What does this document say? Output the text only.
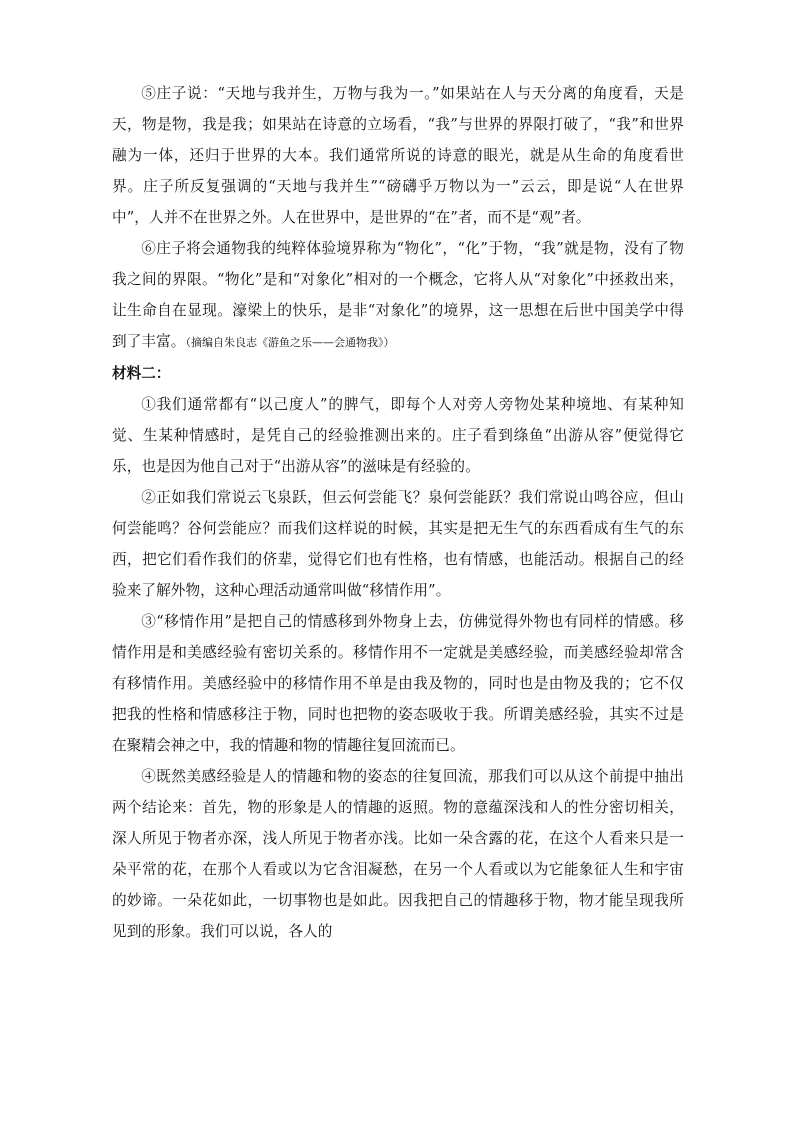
⑤庄子说：“天地与我并生，万物与我为一。”如果站在人与天分离的角度看，天是天，物是物，我是我；如果站在诗意的立场看，“我”与世界的界限打破了，“我”和世界融为一体，还归于世界的大本。我们通常所说的诗意的眼光，就是从生命的角度看世界。庄子所反复强调的“天地与我并生”“磅礴乎万物以为一”云云，即是说“人在世界中”，人并不在世界之外。人在世界中，是世界的“在”者，而不是“观”者。

⑥庄子将会通物我的纯粹体验境界称为“物化”，“化”于物，“我”就是物，没有了物我之间的界限。“物化”是和“对象化”相对的一个概念，它将人从“对象化”中拯救出来，让生命自在显现。濠梁上的快乐，是非“对象化”的境界，这一思想在后世中国美学中得到了丰富。（摘编自朱良志《游鱼之乐——会通物我》）

材料二：

①我们通常都有“以己度人”的脾气，即每个人对旁人旁物处某种境地、有某种知觉、生某种情感时，是凭自己的经验推测出来的。庄子看到绦鱼“出游从容”便觉得它乐，也是因为他自己对于“出游从容”的滋味是有经验的。

②正如我们常说云飞泉跃，但云何尝能飞？泉何尝能跃？我们常说山鸣谷应，但山何尝能鸣？谷何尝能应？而我们这样说的时候，其实是把无生气的东西看成有生气的东西，把它们看作我们的侪辈，觉得它们也有性格，也有情感，也能活动。根据自己的经验来了解外物，这种心理活动通常叫做“移情作用”。

③“移情作用”是把自己的情感移到外物身上去，仿佛觉得外物也有同样的情感。移情作用是和美感经验有密切关系的。移情作用不一定就是美感经验，而美感经验却常含有移情作用。美感经验中的移情作用不单是由我及物的，同时也是由物及我的；它不仅把我的性格和情感移注于物，同时也把物的姿态吸收于我。所谓美感经验，其实不过是在聚精会神之中，我的情趣和物的情趣往复回流而已。

④既然美感经验是人的情趣和物的姿态的往复回流，那我们可以从这个前提中抽出两个结论来：首先，物的形象是人的情趣的返照。物的意蕴深浅和人的性分密切相关，深人所见于物者亦深，浅人所见于物者亦浅。比如一朵含露的花，在这个人看来只是一朵平常的花，在那个人看或以为它含泪凝愁，在另一个人看或以为它能象征人生和宇宙的妙谛。一朵花如此，一切事物也是如此。因我把自己的情趣移于物，物才能呈现我所见到的形象。我们可以说，各人的
